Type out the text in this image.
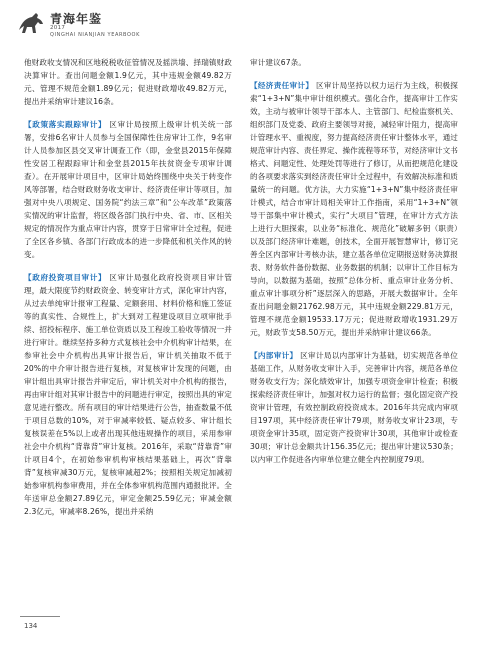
青海年鉴
2017
QINGHAI NIANJIAN YEARBOOK

他财政收支情况和区地税税收征管情况及摇洪墙、择瑞镇财政决算审计。查出问题金额1.9亿元，其中违规金额49.82万元、管理不规范金额1.89亿元；促进财政增收49.82万元，提出并采纳审计建议16条。

【政策落实跟踪审计】 区审计局按照上级审计机关统一部署，安排6名审计人员参与全国保障性住房审计工作，9名审计人员参加区县交叉审计调查工作（即，金堂县2015年保障性安居工程跟踪审计和金堂县2015年扶贫资金专项审计调查）。在开展审计项目中，区审计局始终围绕中央关于转变作风等部署，结合财政财务收支审计、经济责任审计等项目，加强对中央八项规定、国务院“约法三章”和“公车改革”政策落实情况的审计监督，将区级各部门执行中央、省、市、区相关规定的情况作为重点审计内容，贯穿于日常审计全过程，促进了全区各乡镇、各部门行政成本的进一步降低和机关作风的转变。

【政府投资项目审计】 区审计局强化政府投资项目审计管理，最大限度节约财政资金、转变审计方式，深化审计内容，从过去单纯审计报审工程量、定额套用、材料价格和施工签证等的真实性、合规性上，扩大到对工程建设项目立项审批手续、招投标程序、施工单位资质以及工程竣工验收等情况一并进行审计。继续坚持多种方式复核社会中介机构审计结果，在参审社会中介机构出具审计报告后，审计机关抽取不低于20%的中介审计报告进行复核，对复核审计发现的问题，由审计组出具审计报告并审定后，审计机关对中介机构的报告，再由审计组对其审计报告中的问题进行审定，按照出具的审定意见进行整改。所有项目的审计结果进行公告，抽查数量不低于项目总数的10%，对于审减率较低、疑点较多、审计组长复核误差在5%以上或者出现其他违规操作的项目，采用参审社会中介机构“背靠背”审计复核。2016年，采取“背靠背”审计项目4个，在初始参审机构审核结果基础上，再次“背靠背”复核审减30万元，复核审减超2%；按照相关规定加减初始参审机构参审费用，并在全体参审机构范围内通报批评。全年送审总金额27.89亿元，审定金额25.59亿元；审减金额2.3亿元，审减率8.26%，提出并采纳

审计建议67条。

【经济责任审计】 区审计局坚持以权力运行为主线，积极探索“1+3+N”集中审计组织模式。强化合作，提高审计工作实效，主动与被审计领导干部本人、主管部门、纪检监察机关、组织部门及党委、政府主要领导对接，减轻审计阻力，提高审计管理水平、重视度，努力提高经济责任审计整体水平，通过规范审计内容、责任界定、操作流程等环节，对经济审计文书格式、问题定性、处理处罚等进行了修订，从而把规范化建设的各项要求落实到经济责任审计全过程中，有效解决标准和质量统一的问题。优方法，大力实施“1+3+N”集中经济责任审计模式，结合市审计局相关审计工作指南，采用“1+3+N”领导干部集中审计模式，实行“大项目”管理，在审计方式方法上进行大胆探索，以业务“标准化、规范化”破解多钥（职责）以及部门经济审计难题，创技术，全面开展智慧审计，修订完善全区内部审计考核办法，建立基各单位定期报送财务决算报表、财务软件备份数据、业务数据的机制；以审计工作目标为导向，以数据为基础，按照“总体分析、重点审计业务分析、重点审计事项分析”逐层深入的思路，开展大数据审计。全年查出问题金额21762.98万元，其中违规金额229.81万元，管理不规范金额19533.17万元；促进财政增收1931.29万元，财政节支58.50万元，提出并采纳审计建议66条。

【内部审计】 区审计局以内部审计为基础，切实规范各单位基础工作，从财务收支审计入手，完善审计内容，规范各单位财务收支行为；深化绩效审计，加强专项资金审计检查；积极探索经济责任审计，加强对权力运行的监督；强化固定资产投资审计管理，有效控制政府投资成本。2016年共完成内审项目197项，其中经济责任审计79项，财务收支审计23项，专项资金审计35项，固定资产投资审计30项，其他审计或检查30项；审计总金额共计156.35亿元；提出审计建议530条；以内审工作促进各内审单位建立健全内控制度79项。

134
